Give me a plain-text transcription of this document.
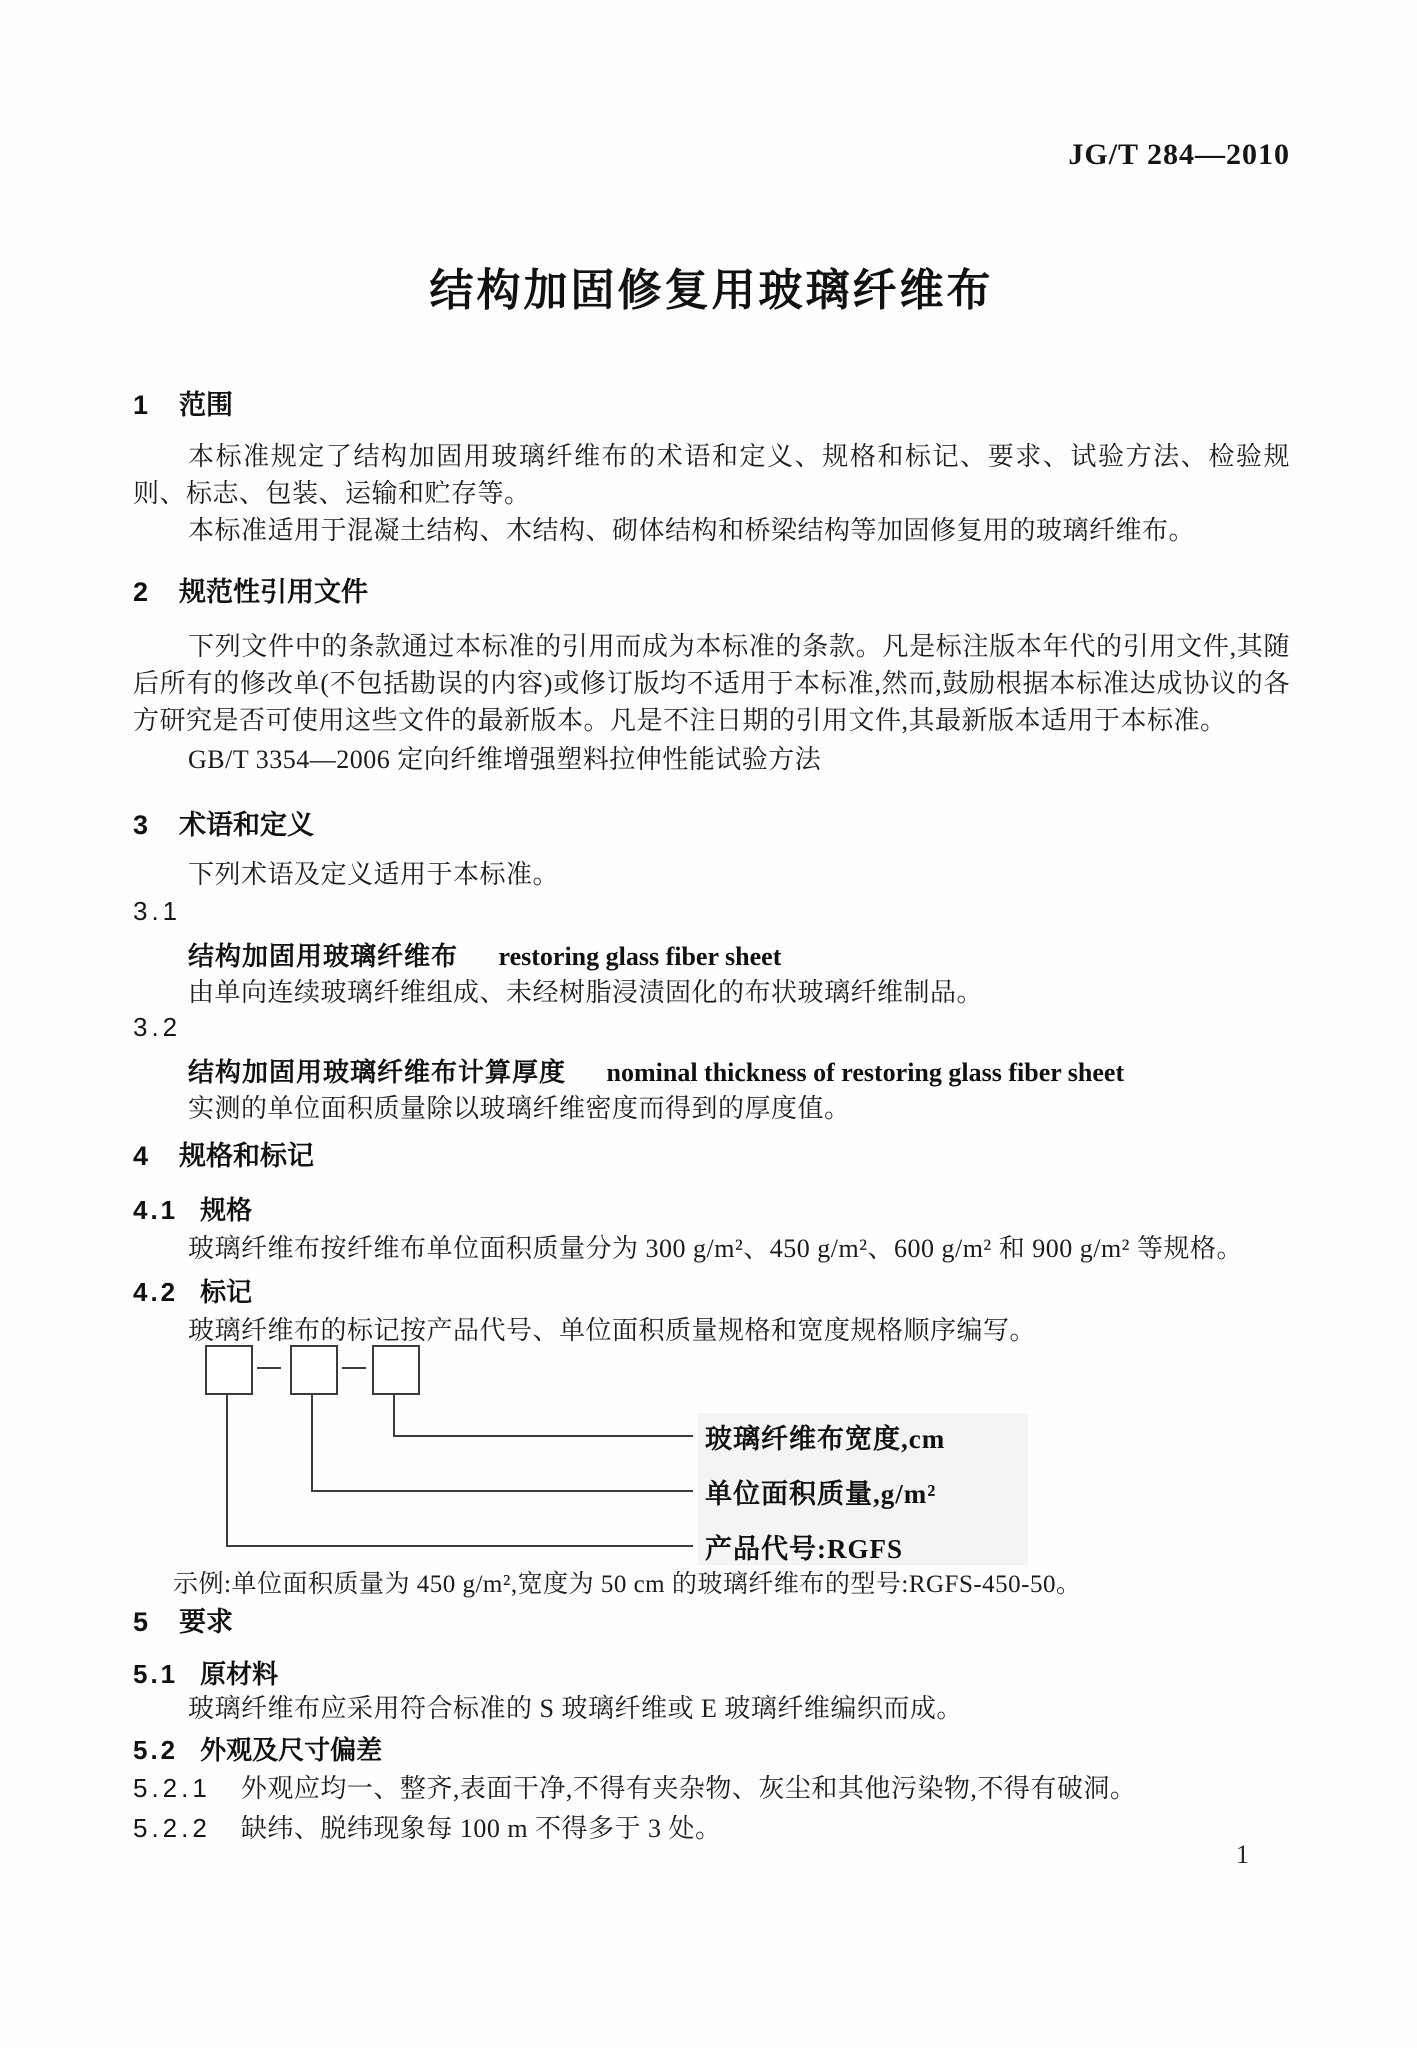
JG/T 284—2010
结构加固修复用玻璃纤维布
1 范围

本标准规定了结构加固用玻璃纤维布的术语和定义、规格和标记、要求、试验方法、检验规则、标志、包装、运输和贮存等。

本标准适用于混凝土结构、木结构、砌体结构和桥梁结构等加固修复用的玻璃纤维布。

2 规范性引用文件

下列文件中的条款通过本标准的引用而成为本标准的条款。凡是标注版本年代的引用文件,其随后所有的修改单(不包括勘误的内容)或修订版均不适用于本标准,然而,鼓励根据本标准达成协议的各方研究是否可使用这些文件的最新版本。凡是不注日期的引用文件,其最新版本适用于本标准。

GB/T 3354—2006 定向纤维增强塑料拉伸性能试验方法

3 术语和定义

下列术语及定义适用于本标准。

3.1
结构加固用玻璃纤维布 restoring glass fiber sheet
由单向连续玻璃纤维组成、未经树脂浸渍固化的布状玻璃纤维制品。
3.2
结构加固用玻璃纤维布计算厚度 nominal thickness of restoring glass fiber sheet
实测的单位面积质量除以玻璃纤维密度而得到的厚度值。
4 规格和标记
4.1 规格

玻璃纤维布按纤维布单位面积质量分为 300 g/m²、450 g/m²、600 g/m² 和 900 g/m² 等规格。

4.2 标记

玻璃纤维布的标记按产品代号、单位面积质量规格和宽度规格顺序编写。

玻璃纤维布宽度,cm
单位面积质量,g/m²
产品代号:RGFS

示例:单位面积质量为 450 g/m²,宽度为 50 cm 的玻璃纤维布的型号:RGFS-450-50。

5 要求
5.1 原材料

玻璃纤维布应采用符合标准的 S 玻璃纤维或 E 玻璃纤维编织而成。

5.2 外观及尺寸偏差
5.2.1 外观应均一、整齐,表面干净,不得有夹杂物、灰尘和其他污染物,不得有破洞。
5.2.2 缺纬、脱纬现象每 100 m 不得多于 3 处。
1
